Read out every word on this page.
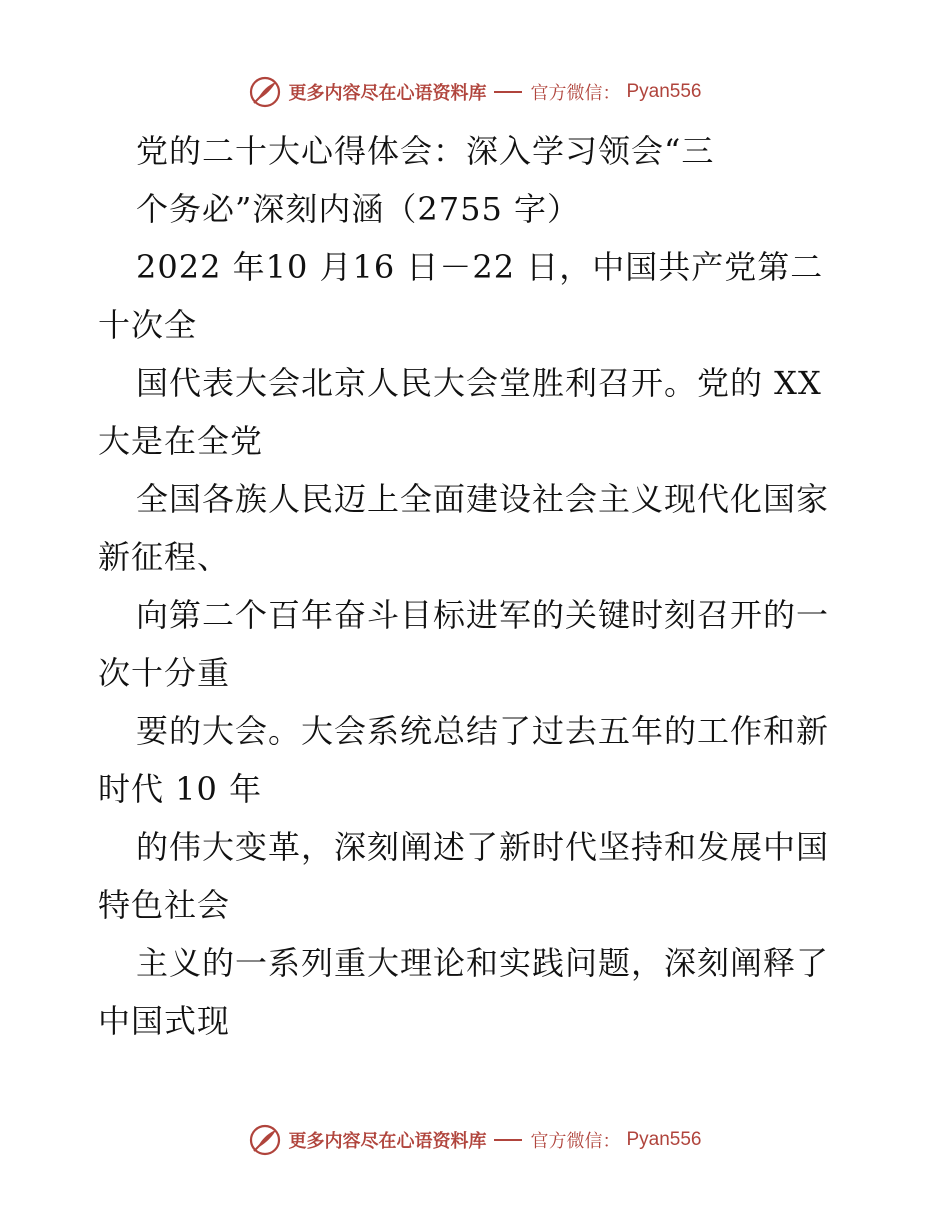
更多内容尽在心语资料库 官方微信： Pyan556
党的二十大心得体会：深入学习领会“三
个务必”深刻内涵（2755 字）
2022 年10 月16 日－22 日，中国共产党第二
十次全
国代表大会北京人民大会堂胜利召开。党的 XX
大是在全党
全国各族人民迈上全面建设社会主义现代化国家
新征程、
向第二个百年奋斗目标进军的关键时刻召开的一
次十分重
要的大会。大会系统总结了过去五年的工作和新
时代 10 年
的伟大变革，深刻阐述了新时代坚持和发展中国
特色社会
主义的一系列重大理论和实践问题，深刻阐释了
中国式现
更多内容尽在心语资料库 官方微信： Pyan556
